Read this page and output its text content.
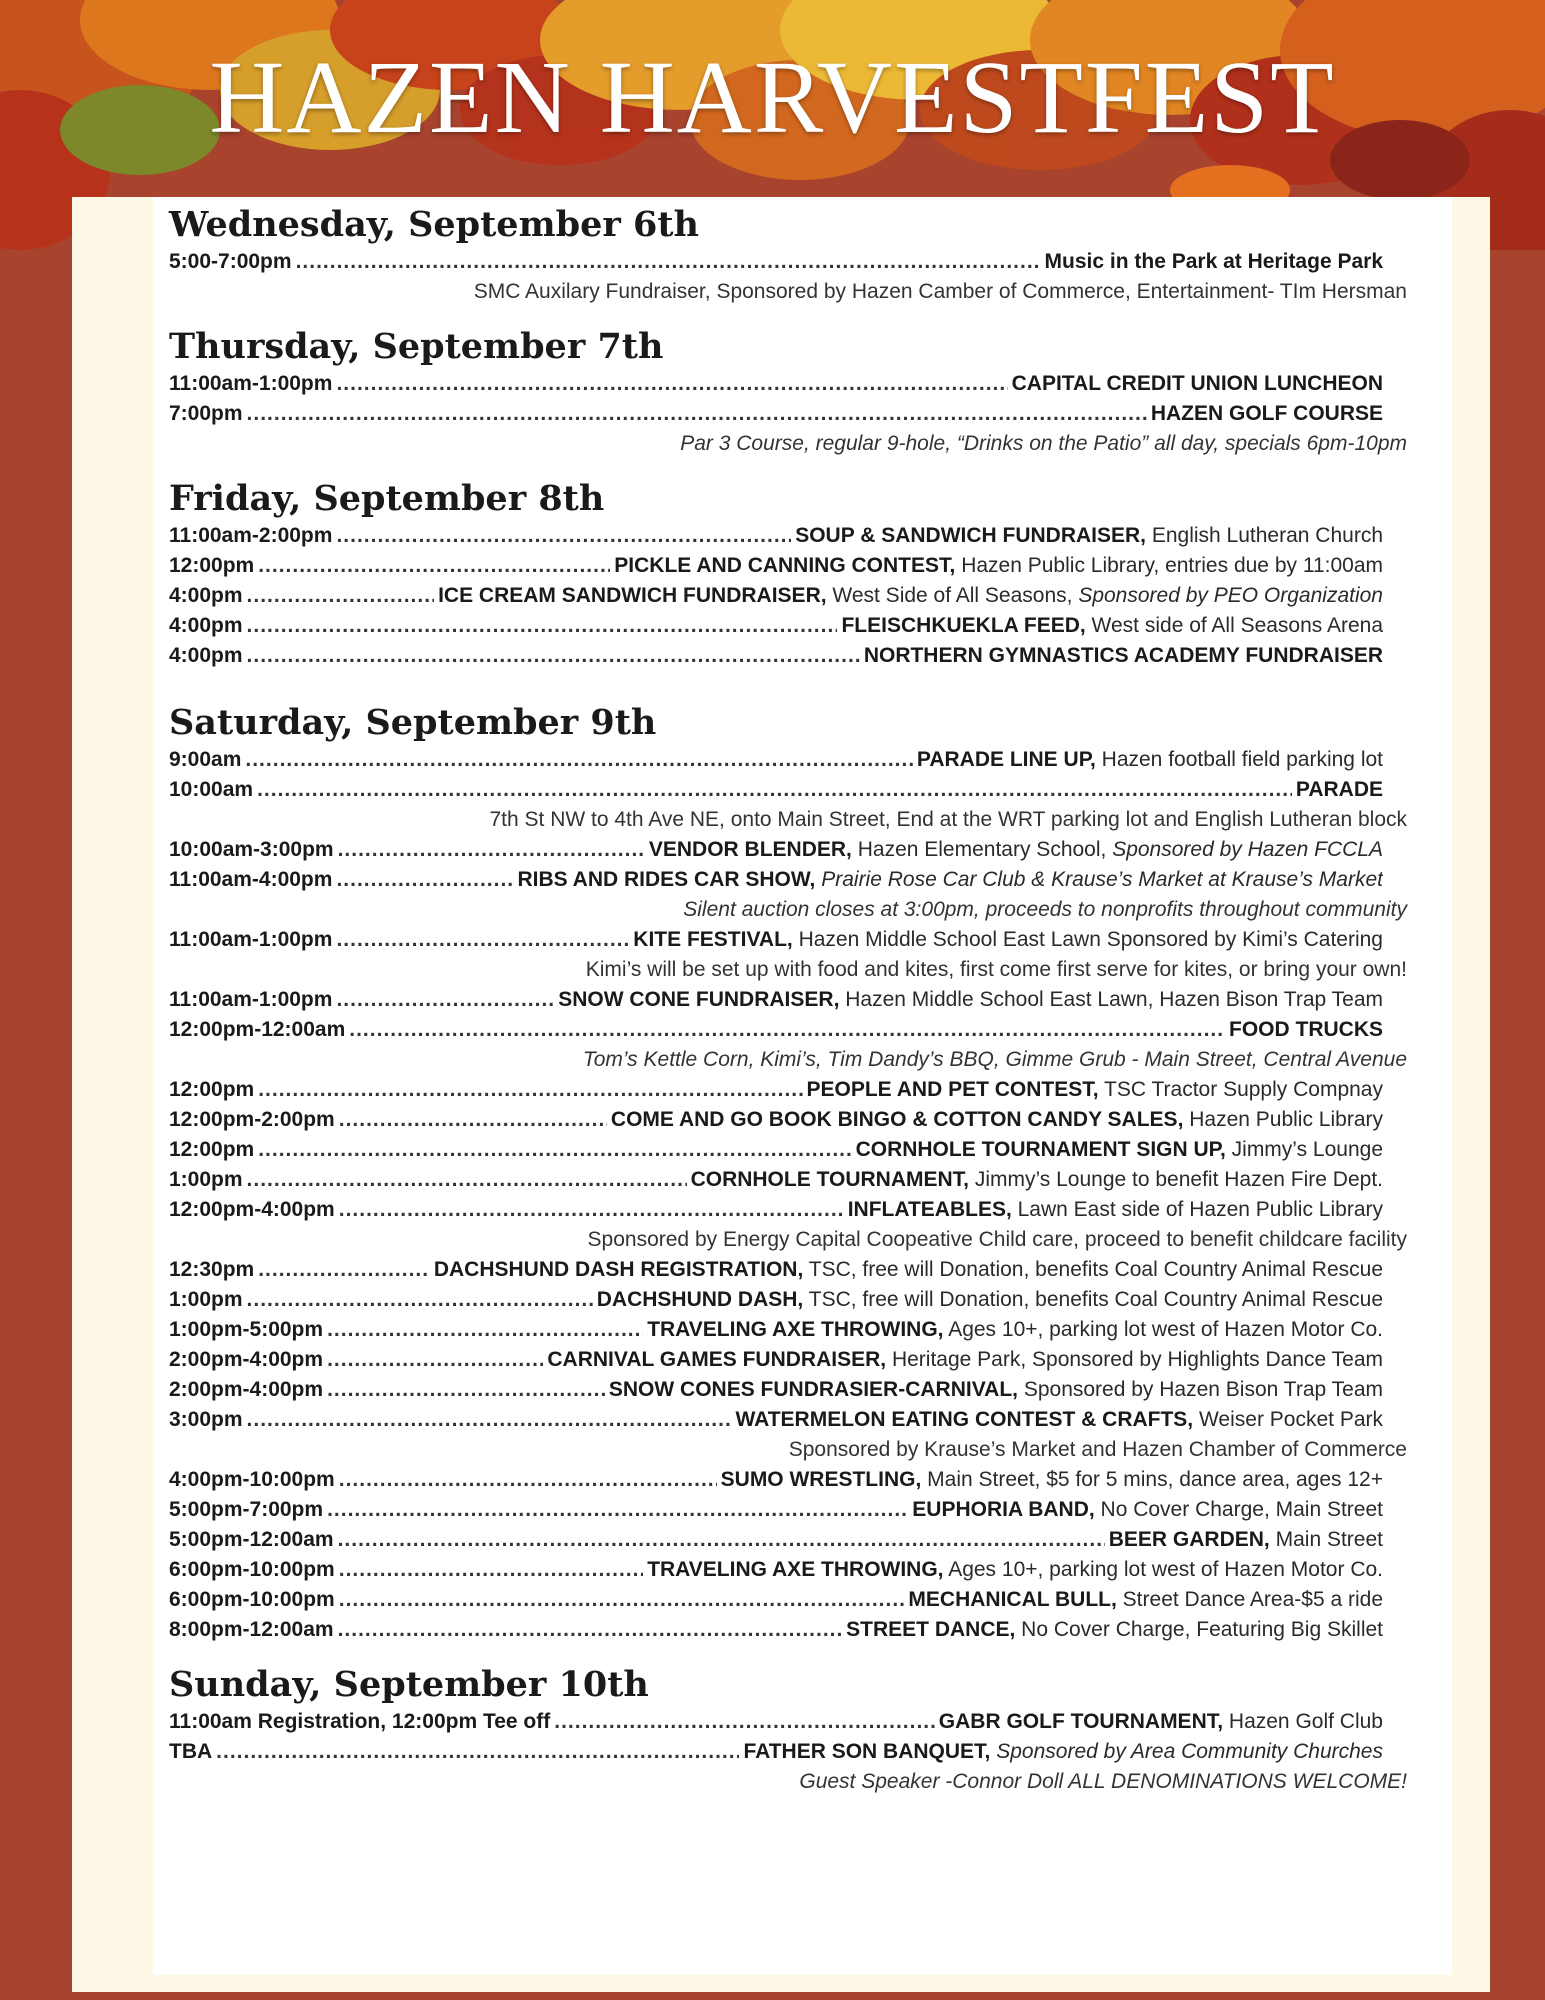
HAZEN HARVESTFEST
Wednesday, September 6th
5:00-7:00pm .....	Music in the Park at Heritage Park
SMC Auxilary Fundraiser, Sponsored by Hazen Camber of Commerce, Entertainment- TIm Hersman
Thursday, September 7th
11:00am-1:00pm .....	CAPITAL CREDIT UNION LUNCHEON
7:00pm .....	HAZEN GOLF COURSE
Par 3 Course, regular 9-hole, “Drinks on the Patio” all day, specials 6pm-10pm
Friday, September 8th
11:00am-2:00pm .....	SOUP & SANDWICH FUNDRAISER, English Lutheran Church
12:00pm .....	PICKLE AND CANNING CONTEST, Hazen Public Library, entries due by 11:00am
4:00pm .....	ICE CREAM SANDWICH FUNDRAISER, West Side of All Seasons, Sponsored by PEO Organization
4:00pm .....	FLEISCHKUEKLA FEED, West side of All Seasons Arena
4:00pm .....	NORTHERN GYMNASTICS ACADEMY FUNDRAISER
Saturday, September 9th
9:00am .....	PARADE LINE UP, Hazen football field parking lot
10:00am .....	PARADE
7th St NW to 4th Ave NE, onto Main Street, End at the WRT parking lot and English Lutheran block
10:00am-3:00pm .....	VENDOR BLENDER, Hazen Elementary School, Sponsored by Hazen FCCLA
11:00am-4:00pm .....	RIBS AND RIDES CAR SHOW, Prairie Rose Car Club & Krause’s Market at Krause’s Market
Silent auction closes at 3:00pm, proceeds to nonprofits throughout community
11:00am-1:00pm .....	KITE FESTIVAL, Hazen Middle School East Lawn Sponsored by Kimi’s Catering
Kimi’s will be set up with food and kites, first come first serve for kites, or bring your own!
11:00am-1:00pm .....	SNOW CONE FUNDRAISER, Hazen Middle School East Lawn, Hazen Bison Trap Team
12:00pm-12:00am .....	FOOD TRUCKS
Tom’s Kettle Corn, Kimi’s, Tim Dandy’s BBQ, Gimme Grub - Main Street, Central Avenue
12:00pm .....	PEOPLE AND PET CONTEST, TSC Tractor Supply Compnay
12:00pm-2:00pm .....	COME AND GO BOOK BINGO & COTTON CANDY SALES, Hazen Public Library
12:00pm .....	CORNHOLE TOURNAMENT SIGN UP, Jimmy’s Lounge
1:00pm .....	CORNHOLE TOURNAMENT, Jimmy’s Lounge to benefit Hazen Fire Dept.
12:00pm-4:00pm .....	INFLATEABLES, Lawn East side of Hazen Public Library
Sponsored by Energy Capital Coopeative Child care, proceed to benefit childcare facility
12:30pm .....	DACHSHUND DASH REGISTRATION, TSC, free will Donation, benefits Coal Country Animal Rescue
1:00pm .....	DACHSHUND DASH, TSC, free will Donation, benefits Coal Country Animal Rescue
1:00pm-5:00pm .....	TRAVELING AXE THROWING, Ages 10+, parking lot west of Hazen Motor Co.
2:00pm-4:00pm .....	CARNIVAL GAMES FUNDRAISER, Heritage Park, Sponsored by Highlights Dance Team
2:00pm-4:00pm .....	SNOW CONES FUNDRASIER-CARNIVAL, Sponsored by Hazen Bison Trap Team
3:00pm .....	WATERMELON EATING CONTEST & CRAFTS, Weiser Pocket Park
Sponsored by Krause’s Market and Hazen Chamber of Commerce
4:00pm-10:00pm .....	SUMO WRESTLING, Main Street, $5 for 5 mins, dance area, ages 12+
5:00pm-7:00pm .....	EUPHORIA BAND, No Cover Charge, Main Street
5:00pm-12:00am .....	BEER GARDEN, Main Street
6:00pm-10:00pm .....	TRAVELING AXE THROWING, Ages 10+, parking lot west of Hazen Motor Co.
6:00pm-10:00pm .....	MECHANICAL BULL, Street Dance Area-$5 a ride
8:00pm-12:00am .....	STREET DANCE, No Cover Charge, Featuring Big Skillet
Sunday, September 10th
11:00am Registration, 12:00pm Tee off .....	GABR GOLF TOURNAMENT, Hazen Golf Club
TBA .....	FATHER SON BANQUET, Sponsored by Area Community Churches
Guest Speaker -Connor Doll ALL DENOMINATIONS WELCOME!
